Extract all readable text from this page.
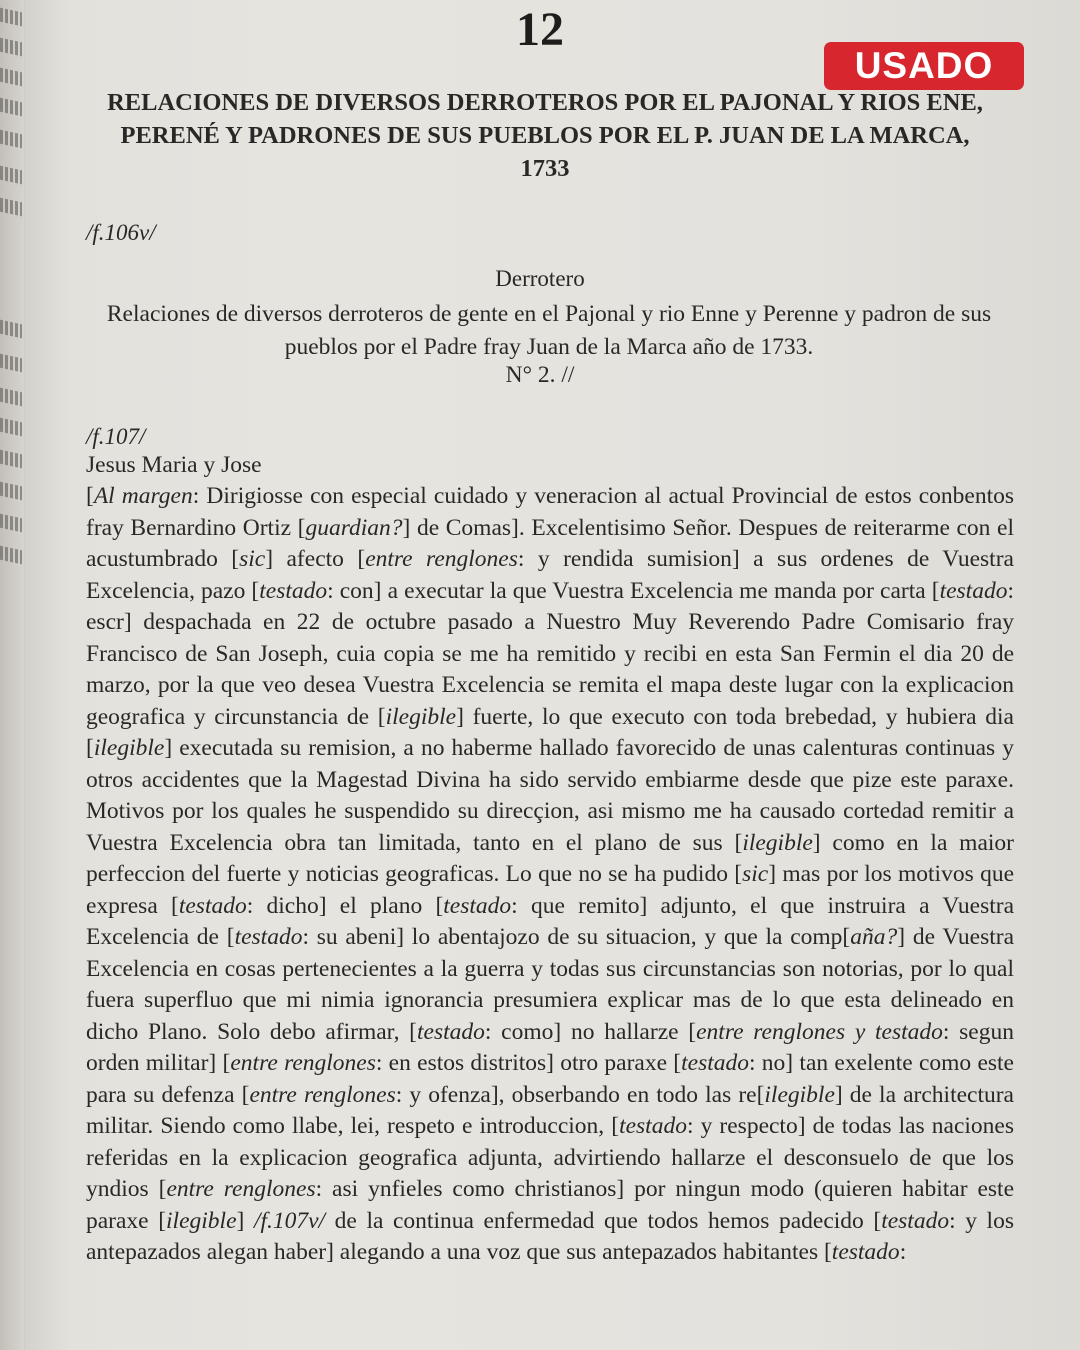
12
USADO
RELACIONES DE DIVERSOS DERROTEROS POR EL PAJONAL Y RIOS ENE, PERENÉ Y PADRONES DE SUS PUEBLOS POR EL P. JUAN DE LA MARCA, 1733
/f.106v/
Derrotero
Relaciones de diversos derroteros de gente en el Pajonal y rio Enne y Perenne y padron de sus pueblos por el Padre fray Juan de la Marca año de 1733.
N° 2. //
/f.107/
Jesus Maria y Jose

[Al margen: Dirigiosse con especial cuidado y veneracion al actual Provincial de estos conbentos fray Bernardino Ortiz [guardian?] de Comas]. Excelentisimo Señor. Despues de reiterarme con el acustumbrado [sic] afecto [entre renglones: y rendida sumision] a sus ordenes de Vuestra Excelencia, pazo [testado: con] a executar la que Vuestra Excelencia me manda por carta [testado: escr] despachada en 22 de octubre pasado a Nuestro Muy Reverendo Padre Comisario fray Francisco de San Joseph, cuia copia se me ha remitido y recibi en esta San Fermin el dia 20 de marzo, por la que veo desea Vuestra Excelencia se remita el mapa deste lugar con la explicacion geografica y circunstancia de [ilegible] fuerte, lo que executo con toda brebedad, y hubiera dia [ilegible] executada su remision, a no haberme hallado favorecido de unas calenturas continuas y otros accidentes que la Magestad Divina ha sido servido embiarme desde que pize este paraxe. Motivos por los quales he suspendido su direcçion, asi mismo me ha causado cortedad remitir a Vuestra Excelencia obra tan limitada, tanto en el plano de sus [ilegible] como en la maior perfeccion del fuerte y noticias geograficas. Lo que no se ha pudido [sic] mas por los motivos que expresa [testado: dicho] el plano [testado: que remito] adjunto, el que instruira a Vuestra Excelencia de [testado: su abeni] lo abentajozo de su situacion, y que la comp[aña?] de Vuestra Excelencia en cosas pertenecientes a la guerra y todas sus circunstancias son notorias, por lo qual fuera superfluo que mi nimia ignorancia presumiera explicar mas de lo que esta delineado en dicho Plano. Solo debo afirmar, [testado: como] no hallarze [entre renglones y testado: segun orden militar] [entre renglones: en estos distritos] otro paraxe [testado: no] tan exelente como este para su defenza [entre renglones: y ofenza], obserbando en todo las re[ilegible] de la architectura militar. Siendo como llabe, lei, respeto e introduccion, [testado: y respecto] de todas las naciones referidas en la explicacion geografica adjunta, advirtiendo hallarze el desconsuelo de que los yndios [entre renglones: asi ynfieles como christianos] por ningun modo (quieren habitar este paraxe [ilegible] /f.107v/ de la continua enfermedad que todos hemos padecido [testado: y los antepazados alegan haber] alegando a una voz que sus antepazados habitantes [testado:
